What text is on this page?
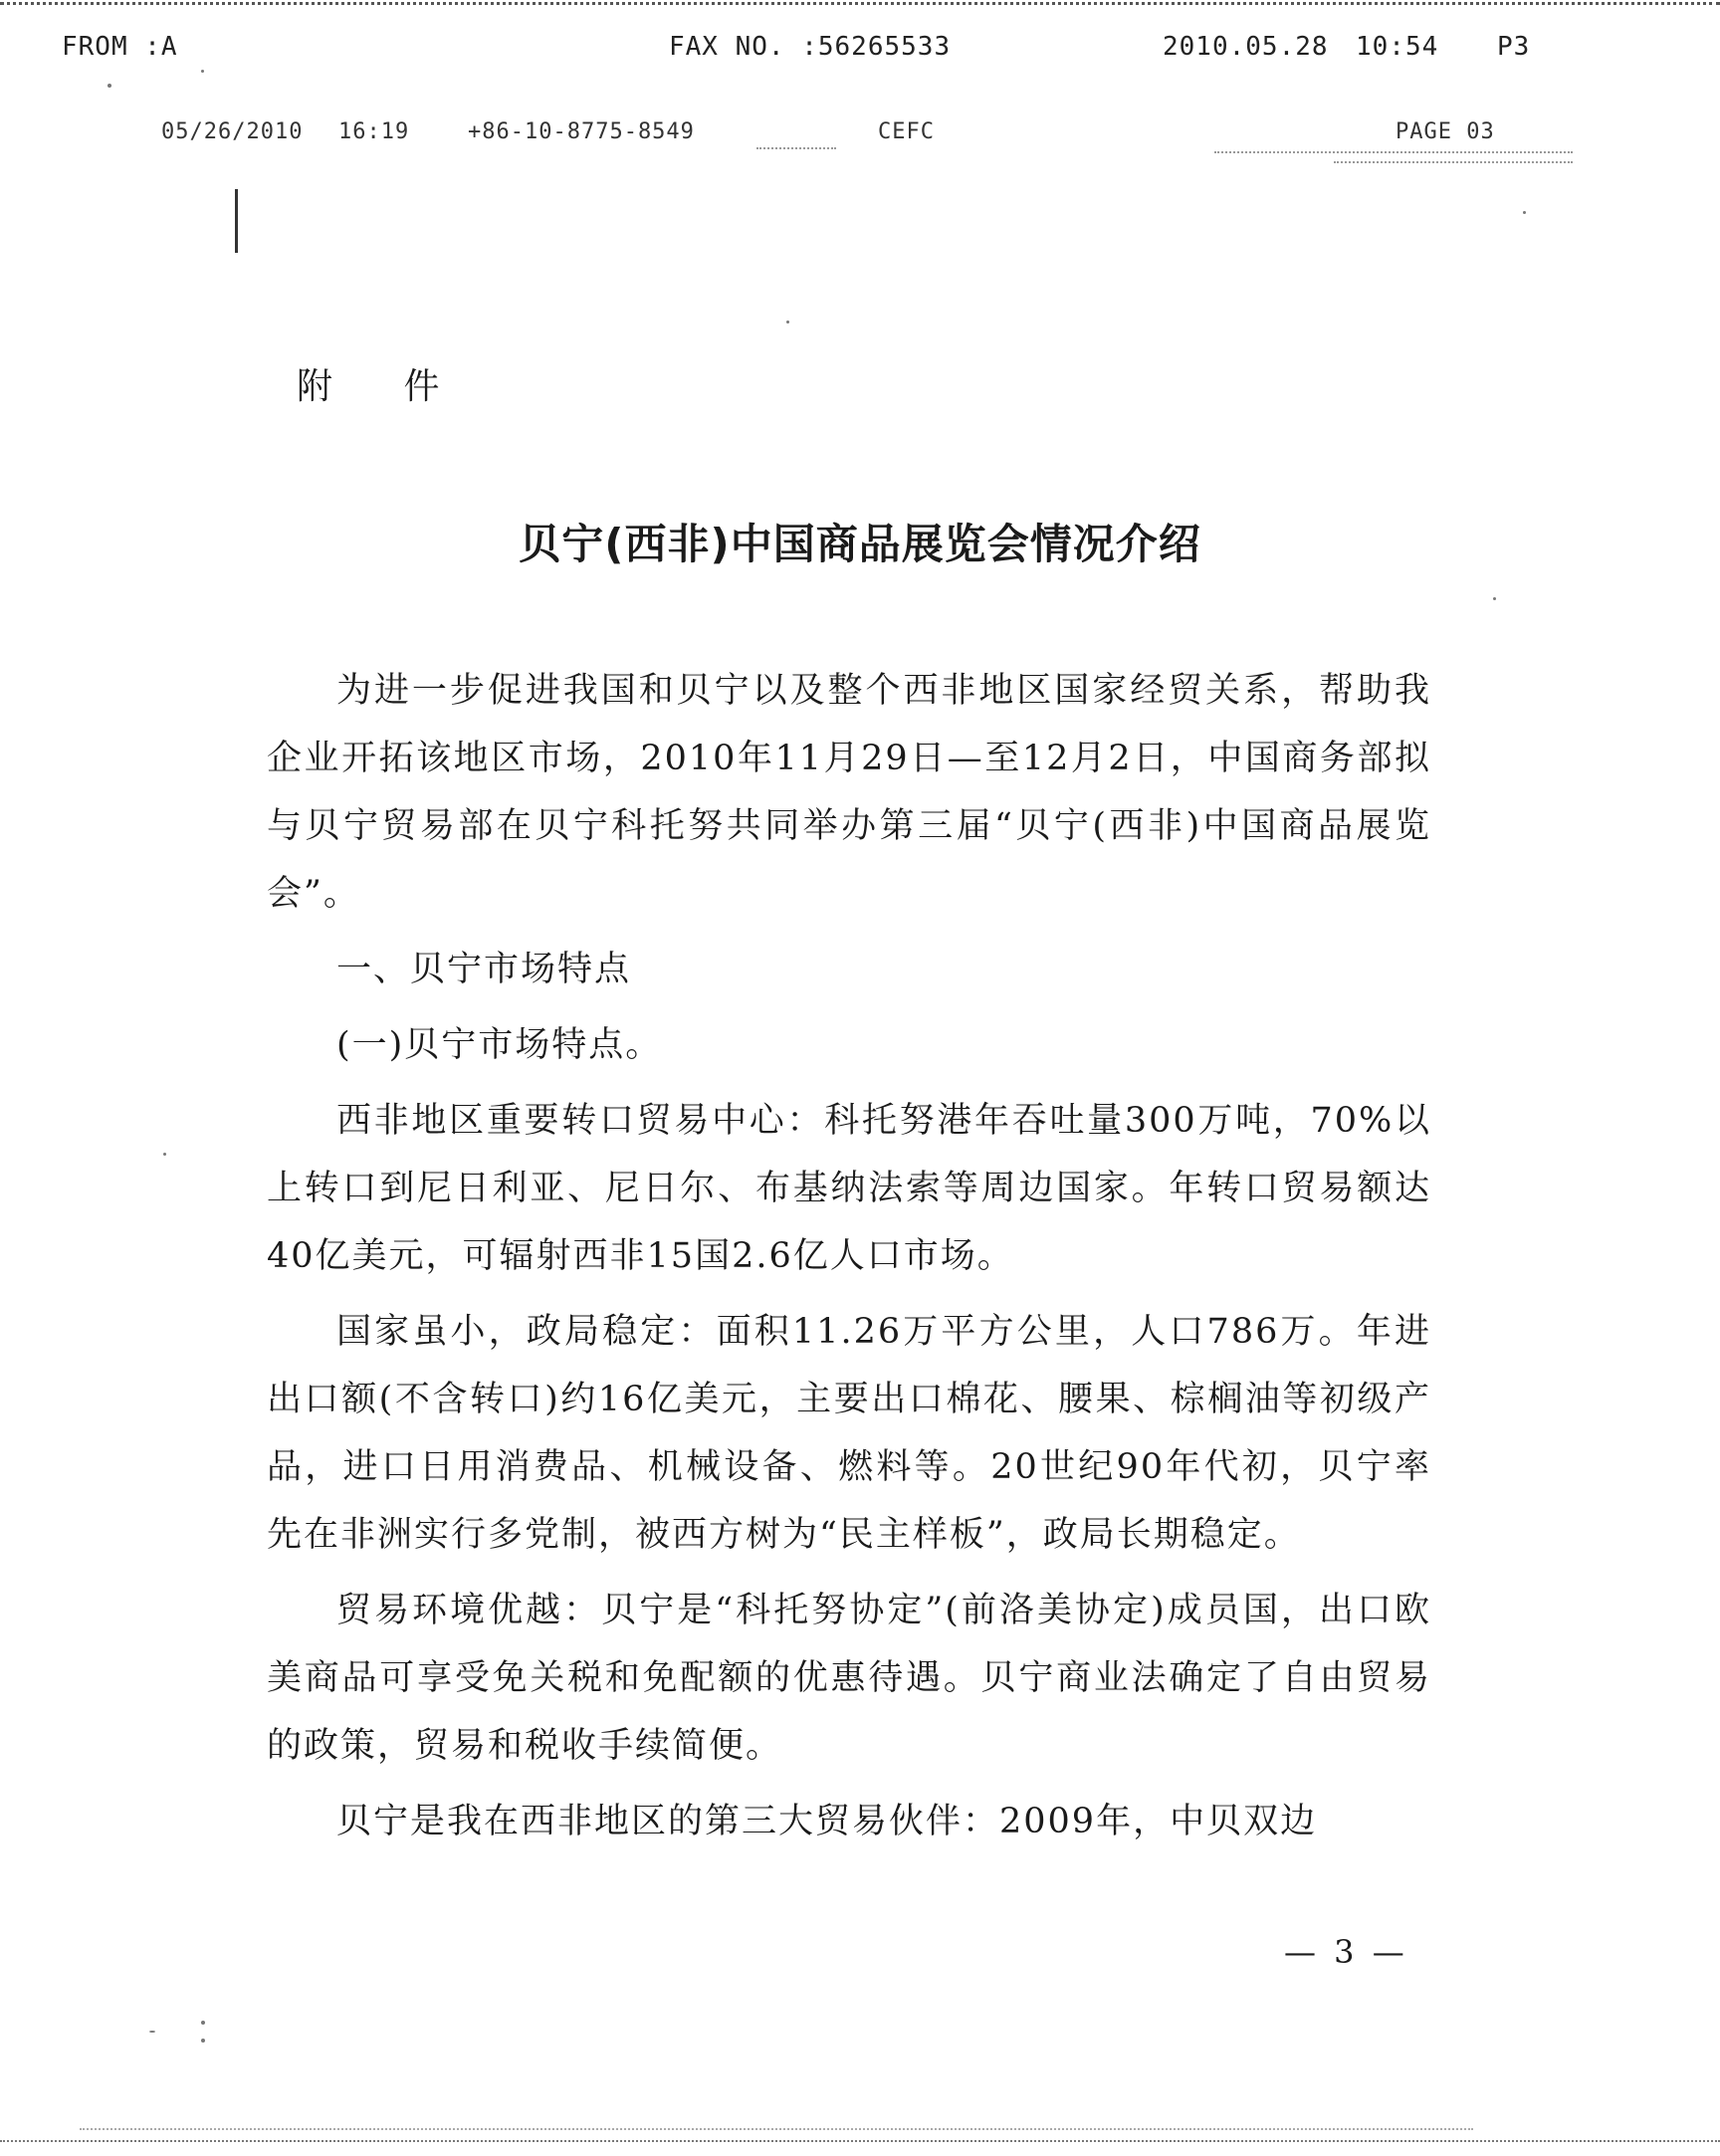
FROM :A	FAX NO. :56265533	2010.05.28 10:54 P3
05/26/2010 16:19	+86-10-8775-8549	CEFC	PAGE 03
附 件
贝宁(西非)中国商品展览会情况介绍

为进一步促进我国和贝宁以及整个西非地区国家经贸关系，帮助我企业开拓该地区市场，2010年11月29日—至12月2日，中国商务部拟与贝宁贸易部在贝宁科托努共同举办第三届“贝宁(西非)中国商品展览会”。

一、贝宁市场特点

(一)贝宁市场特点。

西非地区重要转口贸易中心：科托努港年吞吐量300万吨，70%以上转口到尼日利亚、尼日尔、布基纳法索等周边国家。年转口贸易额达40亿美元，可辐射西非15国2.6亿人口市场。

国家虽小，政局稳定：面积11.26万平方公里，人口786万。年进出口额(不含转口)约16亿美元，主要出口棉花、腰果、棕榈油等初级产品，进口日用消费品、机械设备、燃料等。20世纪90年代初，贝宁率先在非洲实行多党制，被西方树为“民主样板”，政局长期稳定。

贸易环境优越：贝宁是“科托努协定”(前洛美协定)成员国，出口欧美商品可享受免关税和免配额的优惠待遇。贝宁商业法确定了自由贸易的政策，贸易和税收手续简便。

贝宁是我在西非地区的第三大贸易伙伴：2009年，中贝双边

— 3 —
